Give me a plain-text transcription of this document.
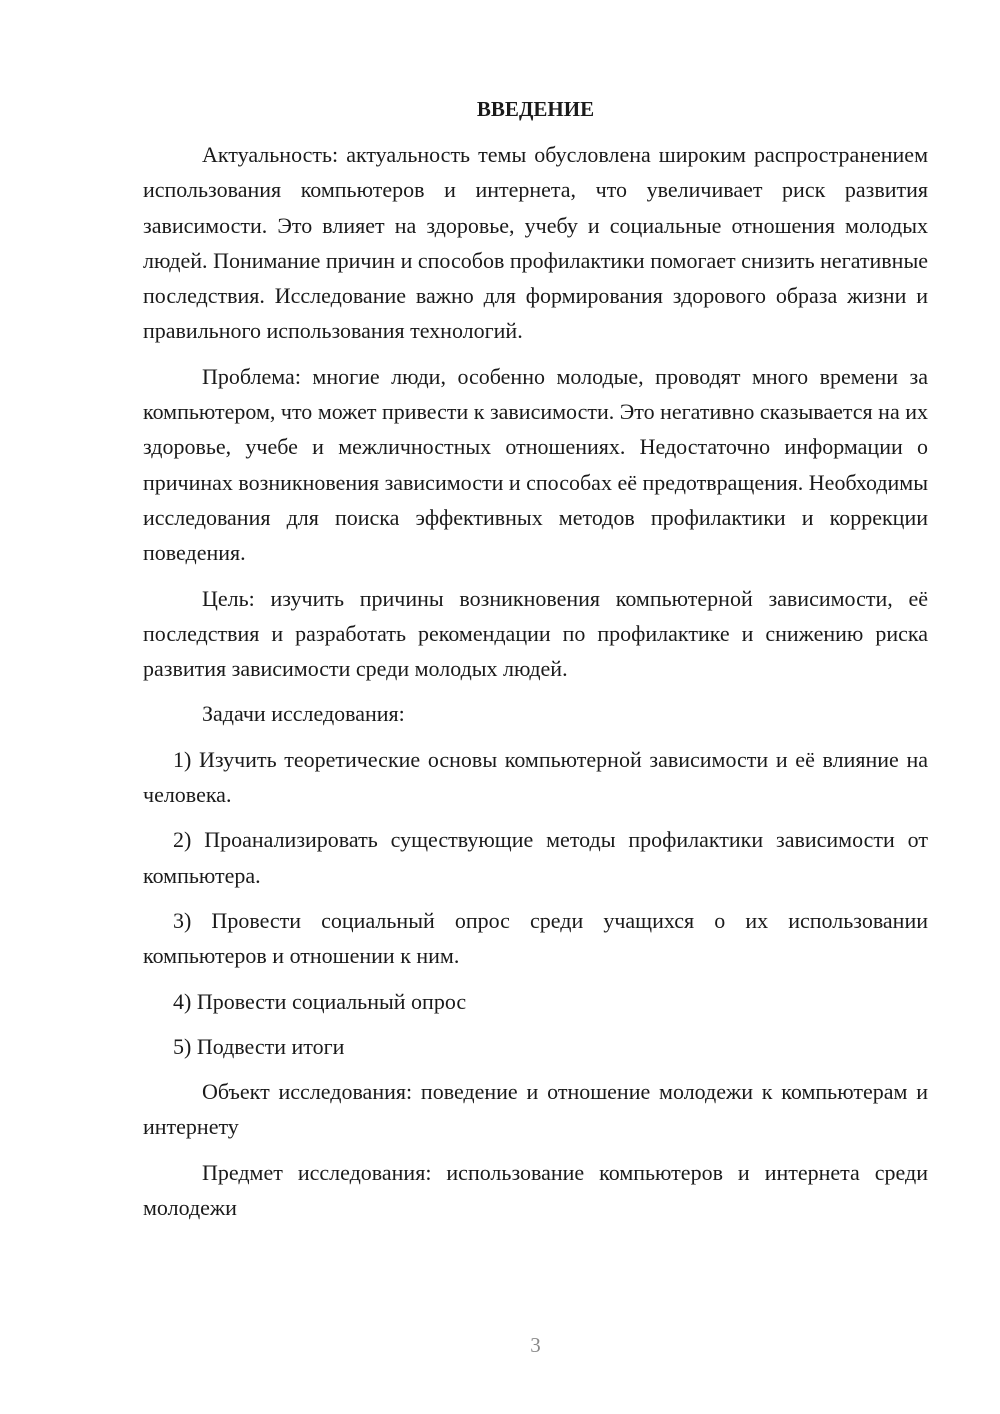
ВВЕДЕНИЕ

Актуальность: актуальность темы обусловлена широким распространением использования компьютеров и интернета, что увеличивает риск развития зависимости. Это влияет на здоровье, учебу и социальные отношения молодых людей. Понимание причин и способов профилактики помогает снизить негативные последствия. Исследование важно для формирования здорового образа жизни и правильного использования технологий.

Проблема: многие люди, особенно молодые, проводят много времени за компьютером, что может привести к зависимости. Это негативно сказывается на их здоровье, учебе и межличностных отношениях. Недостаточно информации о причинах возникновения зависимости и способах её предотвращения. Необходимы исследования для поиска эффективных методов профилактики и коррекции поведения.

Цель: изучить причины возникновения компьютерной зависимости, её последствия и разработать рекомендации по профилактике и снижению риска развития зависимости среди молодых людей.

Задачи исследования:

1) Изучить теоретические основы компьютерной зависимости и её влияние на человека.

2) Проанализировать существующие методы профилактики зависимости от компьютера.

3) Провести социальный опрос среди учащихся о их использовании компьютеров и отношении к ним.

4) Провести социальный опрос

5) Подвести итоги

Объект исследования: поведение и отношение молодежи к компьютерам и интернету

Предмет исследования: использование компьютеров и интернета среди молодежи

3
